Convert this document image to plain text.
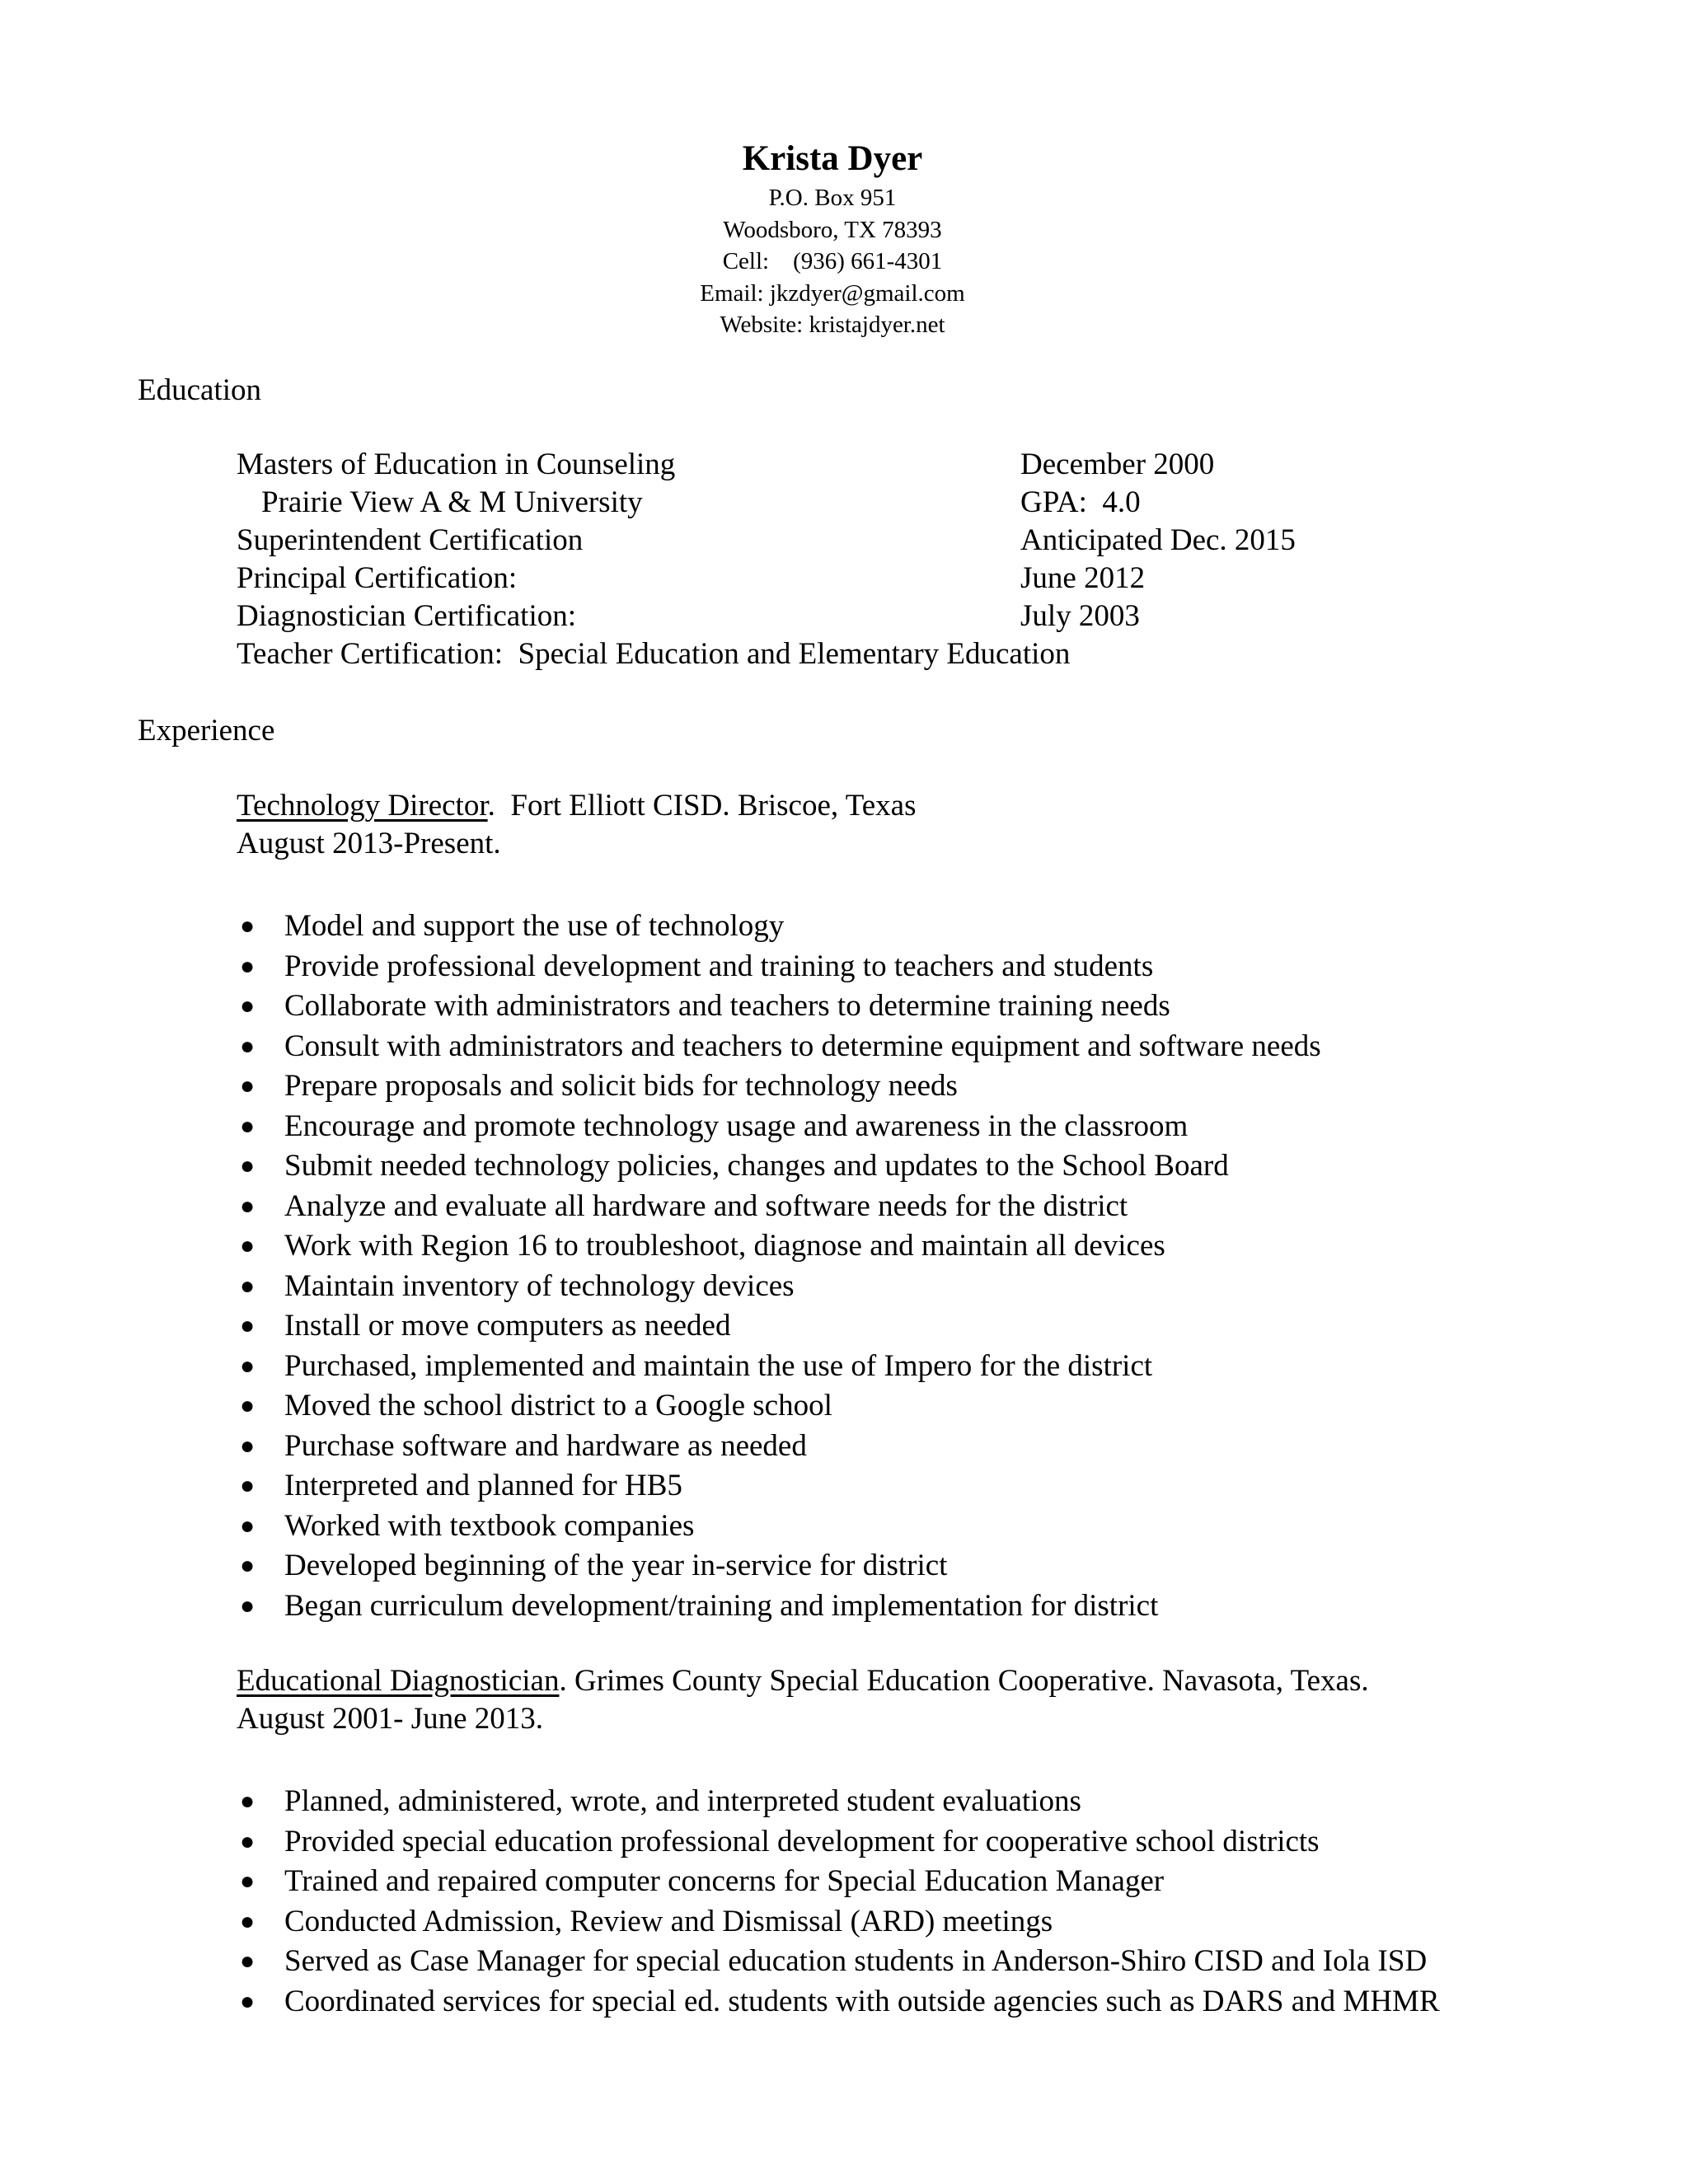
Krista Dyer
P.O. Box 951
Woodsboro, TX 78393
Cell:    (936) 661-4301
Email: jkzdyer@gmail.com
Website: kristajdyer.net
Education
Masters of Education in Counseling	December 2000
Prairie View A & M University	GPA:  4.0
Superintendent Certification	Anticipated Dec. 2015
Principal Certification:	June 2012
Diagnostician Certification:	July 2003
Teacher Certification:  Special Education and Elementary Education
Experience
Technology Director.  Fort Elliott CISD. Briscoe, Texas
August 2013-Present.
● Model and support the use of technology
● Provide professional development and training to teachers and students
● Collaborate with administrators and teachers to determine training needs
● Consult with administrators and teachers to determine equipment and software needs
● Prepare proposals and solicit bids for technology needs
● Encourage and promote technology usage and awareness in the classroom
● Submit needed technology policies, changes and updates to the School Board
● Analyze and evaluate all hardware and software needs for the district
● Work with Region 16 to troubleshoot, diagnose and maintain all devices
● Maintain inventory of technology devices
● Install or move computers as needed
● Purchased, implemented and maintain the use of Impero for the district
● Moved the school district to a Google school
● Purchase software and hardware as needed
● Interpreted and planned for HB5
● Worked with textbook companies
● Developed beginning of the year in-service for district
● Began curriculum development/training and implementation for district
Educational Diagnostician. Grimes County Special Education Cooperative. Navasota, Texas.
August 2001- June 2013.
● Planned, administered, wrote, and interpreted student evaluations
● Provided special education professional development for cooperative school districts
● Trained and repaired computer concerns for Special Education Manager
● Conducted Admission, Review and Dismissal (ARD) meetings
● Served as Case Manager for special education students in Anderson-Shiro CISD and Iola ISD
● Coordinated services for special ed. students with outside agencies such as DARS and MHMR
